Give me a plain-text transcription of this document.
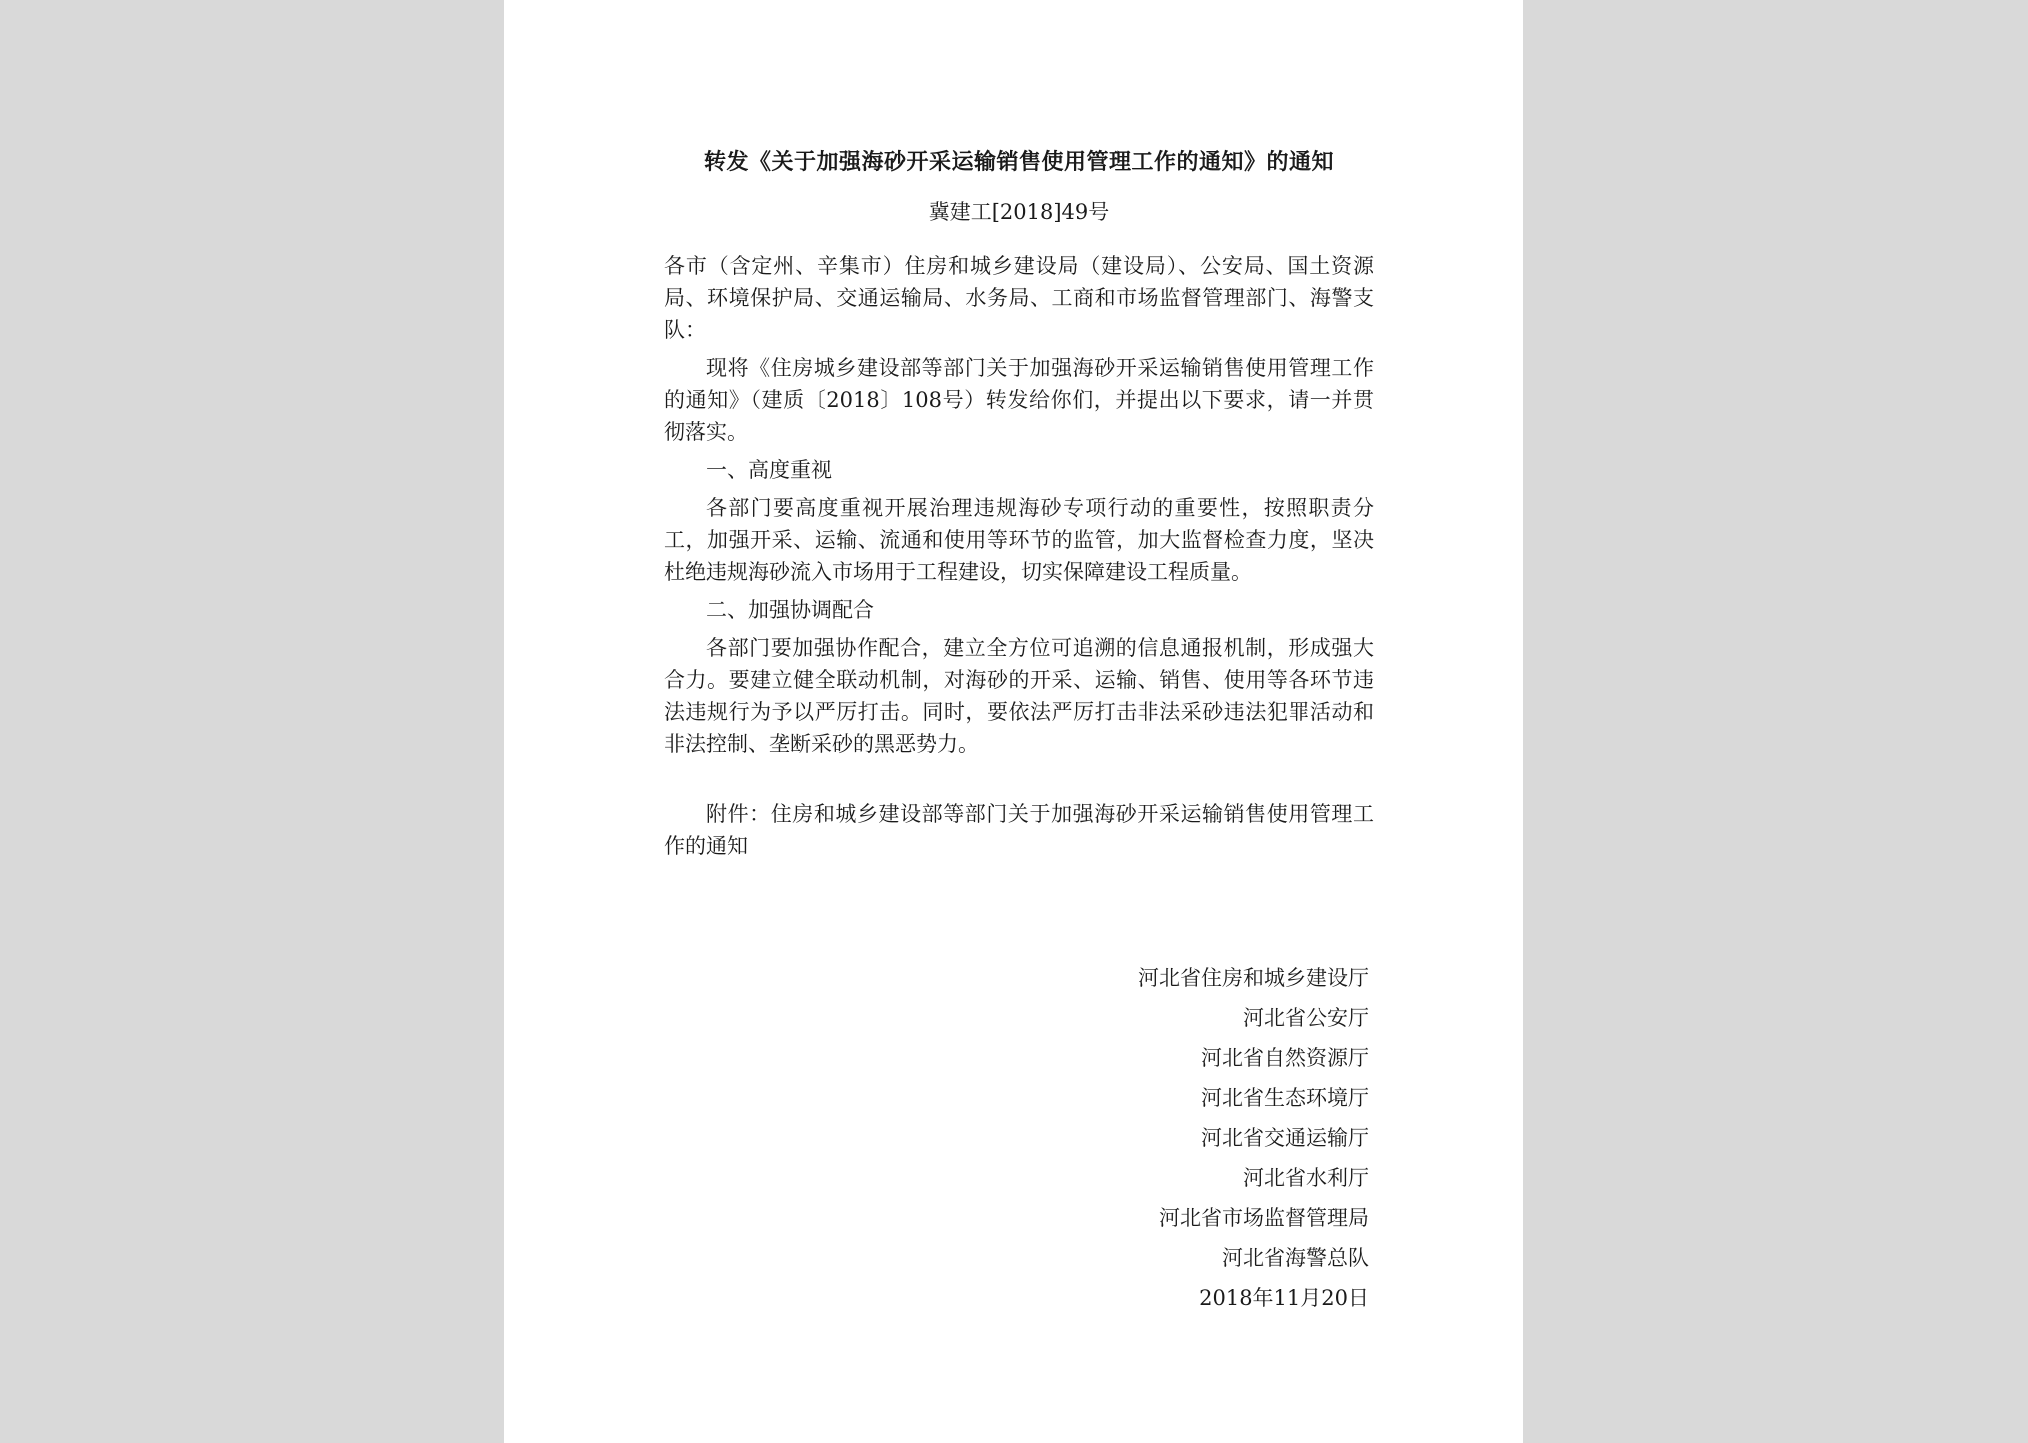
转发《关于加强海砂开采运输销售使用管理工作的通知》的通知

冀建工[2018]49号

各市（含定州、辛集市）住房和城乡建设局（建设局）、公安局、国土资源局、环境保护局、交通运输局、水务局、工商和市场监督管理部门、海警支队：

现将《住房城乡建设部等部门关于加强海砂开采运输销售使用管理工作的通知》（建质〔2018〕108号）转发给你们，并提出以下要求，请一并贯彻落实。

一、高度重视

各部门要高度重视开展治理违规海砂专项行动的重要性，按照职责分工，加强开采、运输、流通和使用等环节的监管，加大监督检查力度，坚决杜绝违规海砂流入市场用于工程建设，切实保障建设工程质量。

二、加强协调配合

各部门要加强协作配合，建立全方位可追溯的信息通报机制，形成强大合力。要建立健全联动机制，对海砂的开采、运输、销售、使用等各环节违法违规行为予以严厉打击。同时，要依法严厉打击非法采砂违法犯罪活动和非法控制、垄断采砂的黑恶势力。

附件：住房和城乡建设部等部门关于加强海砂开采运输销售使用管理工作的通知

河北省住房和城乡建设厅

河北省公安厅

河北省自然资源厅

河北省生态环境厅

河北省交通运输厅

河北省水利厅

河北省市场监督管理局

河北省海警总队

2018年11月20日
